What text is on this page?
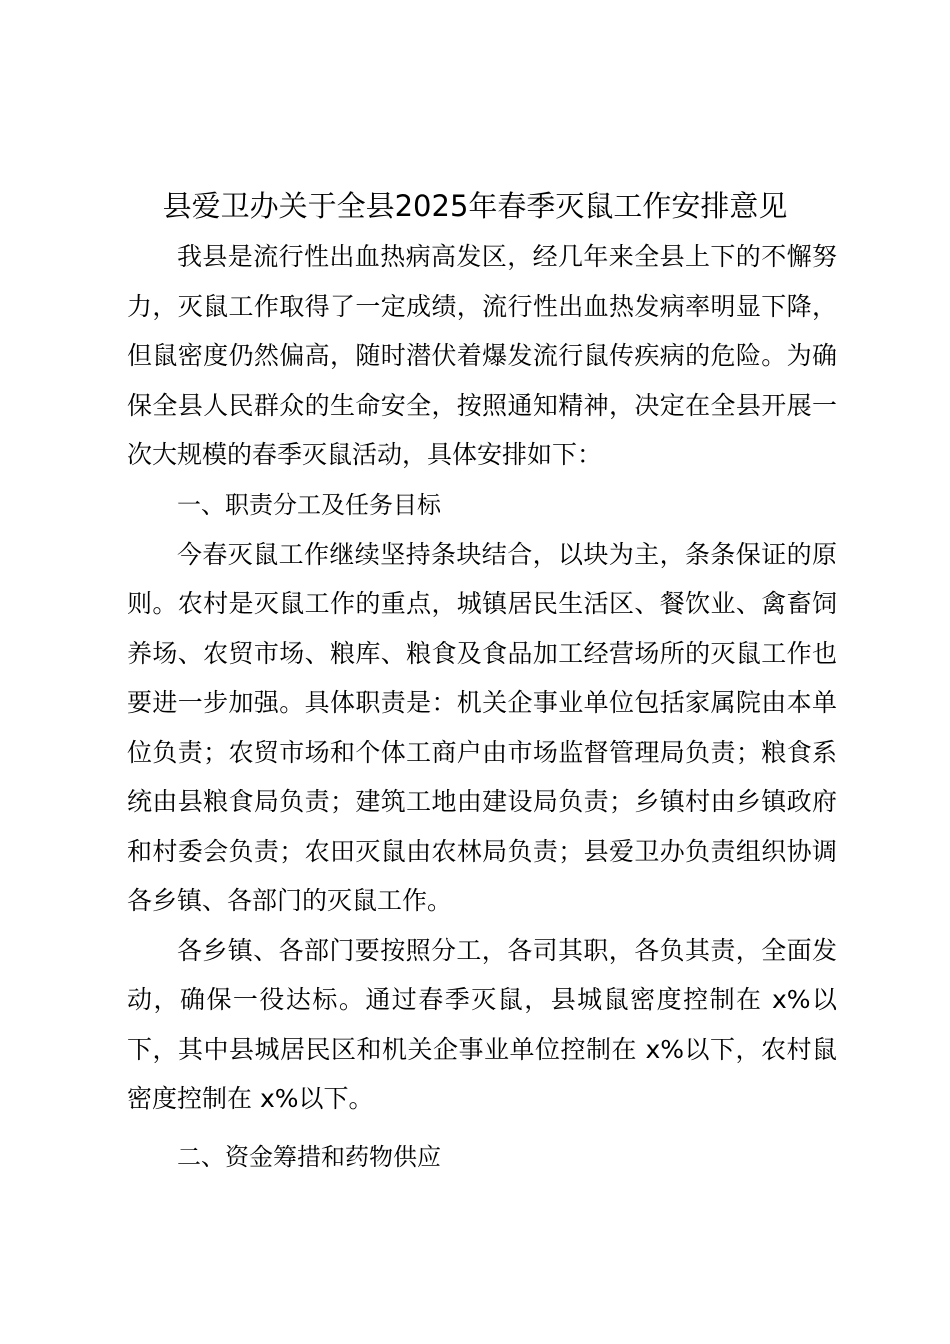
县爱卫办关于全县2025年春季灭鼠工作安排意见

我县是流行性出血热病高发区，经几年来全县上下的不懈努力，灭鼠工作取得了一定成绩，流行性出血热发病率明显下降，但鼠密度仍然偏高，随时潜伏着爆发流行鼠传疾病的危险。为确保全县人民群众的生命安全，按照通知精神，决定在全县开展一次大规模的春季灭鼠活动，具体安排如下：

一、职责分工及任务目标

今春灭鼠工作继续坚持条块结合，以块为主，条条保证的原则。农村是灭鼠工作的重点，城镇居民生活区、餐饮业、禽畜饲养场、农贸市场、粮库、粮食及食品加工经营场所的灭鼠工作也要进一步加强。具体职责是：机关企事业单位包括家属院由本单位负责；农贸市场和个体工商户由市场监督管理局负责；粮食系统由县粮食局负责；建筑工地由建设局负责；乡镇村由乡镇政府和村委会负责；农田灭鼠由农林局负责；县爱卫办负责组织协调各乡镇、各部门的灭鼠工作。

各乡镇、各部门要按照分工，各司其职，各负其责，全面发动，确保一役达标。通过春季灭鼠，县城鼠密度控制在 x%以下，其中县城居民区和机关企事业单位控制在 x%以下，农村鼠密度控制在 x%以下。

二、资金筹措和药物供应
